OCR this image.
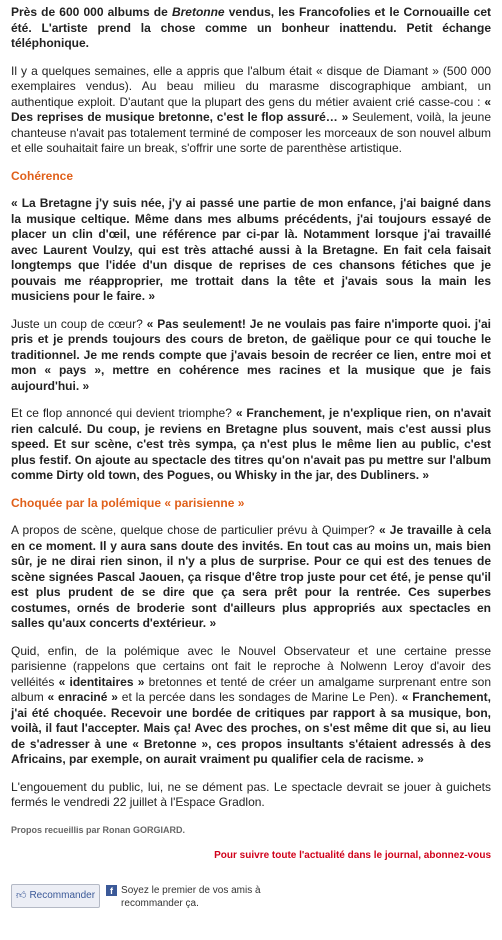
Près de 600 000 albums de Bretonne vendus, les Francofolies et le Cornouaille cet été. L'artiste prend la chose comme un bonheur inattendu. Petit échange téléphonique.

Il y a quelques semaines, elle a appris que l'album était « disque de Diamant » (500 000 exemplaires vendus). Au beau milieu du marasme discographique ambiant, un authentique exploit. D'autant que la plupart des gens du métier avaient crié casse-cou : « Des reprises de musique bretonne, c'est le flop assuré… » Seulement, voilà, la jeune chanteuse n'avait pas totalement terminé de composer les morceaux de son nouvel album et elle souhaitait faire un break, s'offrir une sorte de parenthèse artistique.

Cohérence

« La Bretagne j'y suis née, j'y ai passé une partie de mon enfance, j'ai baigné dans la musique celtique. Même dans mes albums précédents, j'ai toujours essayé de placer un clin d'œil, une référence par ci-par là. Notamment lorsque j'ai travaillé avec Laurent Voulzy, qui est très attaché aussi à la Bretagne. En fait cela faisait longtemps que l'idée d'un disque de reprises de ces chansons fétiches que je pouvais me réapproprier, me trottait dans la tête et j'avais sous la main les musiciens pour le faire. »

Juste un coup de cœur? « Pas seulement! Je ne voulais pas faire n'importe quoi. j'ai pris et je prends toujours des cours de breton, de gaëlique pour ce qui touche le traditionnel. Je me rends compte que j'avais besoin de recréer ce lien, entre moi et mon « pays », mettre en cohérence mes racines et la musique que je fais aujourd'hui. »

Et ce flop annoncé qui devient triomphe? « Franchement, je n'explique rien, on n'avait rien calculé. Du coup, je reviens en Bretagne plus souvent, mais c'est aussi plus speed. Et sur scène, c'est très sympa, ça n'est plus le même lien au public, c'est plus festif. On ajoute au spectacle des titres qu'on n'avait pas pu mettre sur l'album comme Dirty old town, des Pogues, ou Whisky in the jar, des Dubliners. »

Choquée par la polémique « parisienne »

A propos de scène, quelque chose de particulier prévu à Quimper? « Je travaille à cela en ce moment. Il y aura sans doute des invités. En tout cas au moins un, mais bien sûr, je ne dirai rien sinon, il n'y a plus de surprise. Pour ce qui est des tenues de scène signées Pascal Jaouen, ça risque d'être trop juste pour cet été, je pense qu'il est plus prudent de se dire que ça sera prêt pour la rentrée. Ces superbes costumes, ornés de broderie sont d'ailleurs plus appropriés aux spectacles en salles qu'aux concerts d'extérieur. »

Quid, enfin, de la polémique avec le Nouvel Observateur et une certaine presse parisienne (rappelons que certains ont fait le reproche à Nolwenn Leroy d'avoir des velléités « identitaires » bretonnes et tenté de créer un amalgame surprenant entre son album « enraciné » et la percée dans les sondages de Marine Le Pen). « Franchement, j'ai été choquée. Recevoir une bordée de critiques par rapport à sa musique, bon, voilà, il faut l'accepter. Mais ça! Avec des proches, on s'est même dit que si, au lieu de s'adresser à une « Bretonne », ces propos insultants s'étaient adressés à des Africains, par exemple, on aurait vraiment pu qualifier cela de racisme. »

L'engouement du public, lui, ne se dément pas. Le spectacle devrait se jouer à guichets fermés le vendredi 22 juillet à l'Espace Gradlon.

Propos recueillis par Ronan GORGIARD.
Pour suivre toute l'actualité dans le journal, abonnez-vous
👍︎ Recommander	f Soyez le premier de vos amis à recommander ça.
